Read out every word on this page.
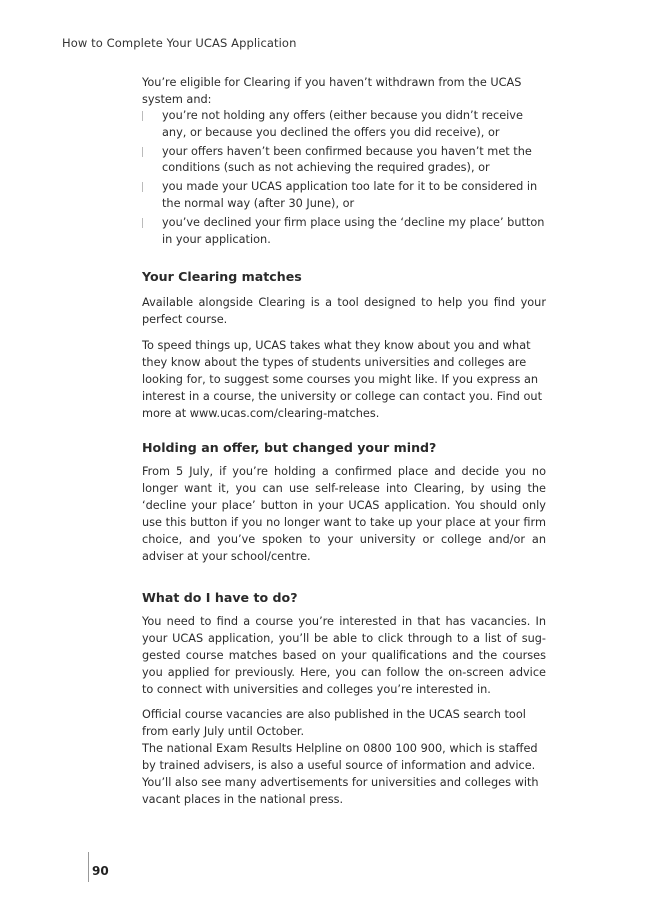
How to Complete Your UCAS Application

You’re eligible for Clearing if you haven’t withdrawn from the UCAS system and:

you’re not holding any offers (either because you didn’t receive any, or because you declined the offers you did receive), or
your offers haven’t been confirmed because you haven’t met the conditions (such as not achieving the required grades), or
you made your UCAS application too late for it to be considered in the normal way (after 30 June), or
you’ve declined your firm place using the ‘decline my place’ button in your application.
Your Clearing matches

Available alongside Clearing is a tool designed to help you find your perfect course.

To speed things up, UCAS takes what they know about you and what they know about the types of students universities and colleges are looking for, to suggest some courses you might like. If you express an interest in a course, the university or college can contact you. Find out more at www.ucas.com/clearing-matches.

Holding an offer, but changed your mind?

From 5 July, if you’re holding a confirmed place and decide you no longer want it, you can use self-release into Clearing, by using the ‘decline your place’ button in your UCAS application. You should only use this button if you no longer want to take up your place at your firm choice, and you’ve spoken to your university or college and/or an adviser at your school/centre.

What do I have to do?

You need to find a course you’re interested in that has vacancies. In your UCAS application, you’ll be able to click through to a list of sug-gested course matches based on your qualifications and the courses you applied for previously. Here, you can follow the on-screen advice to connect with universities and colleges you’re interested in.

Official course vacancies are also published in the UCAS search tool from early July until October.

The national Exam Results Helpline on 0800 100 900, which is staffed by trained advisers, is also a useful source of information and advice. You’ll also see many advertisements for universities and colleges with vacant places in the national press.

90
